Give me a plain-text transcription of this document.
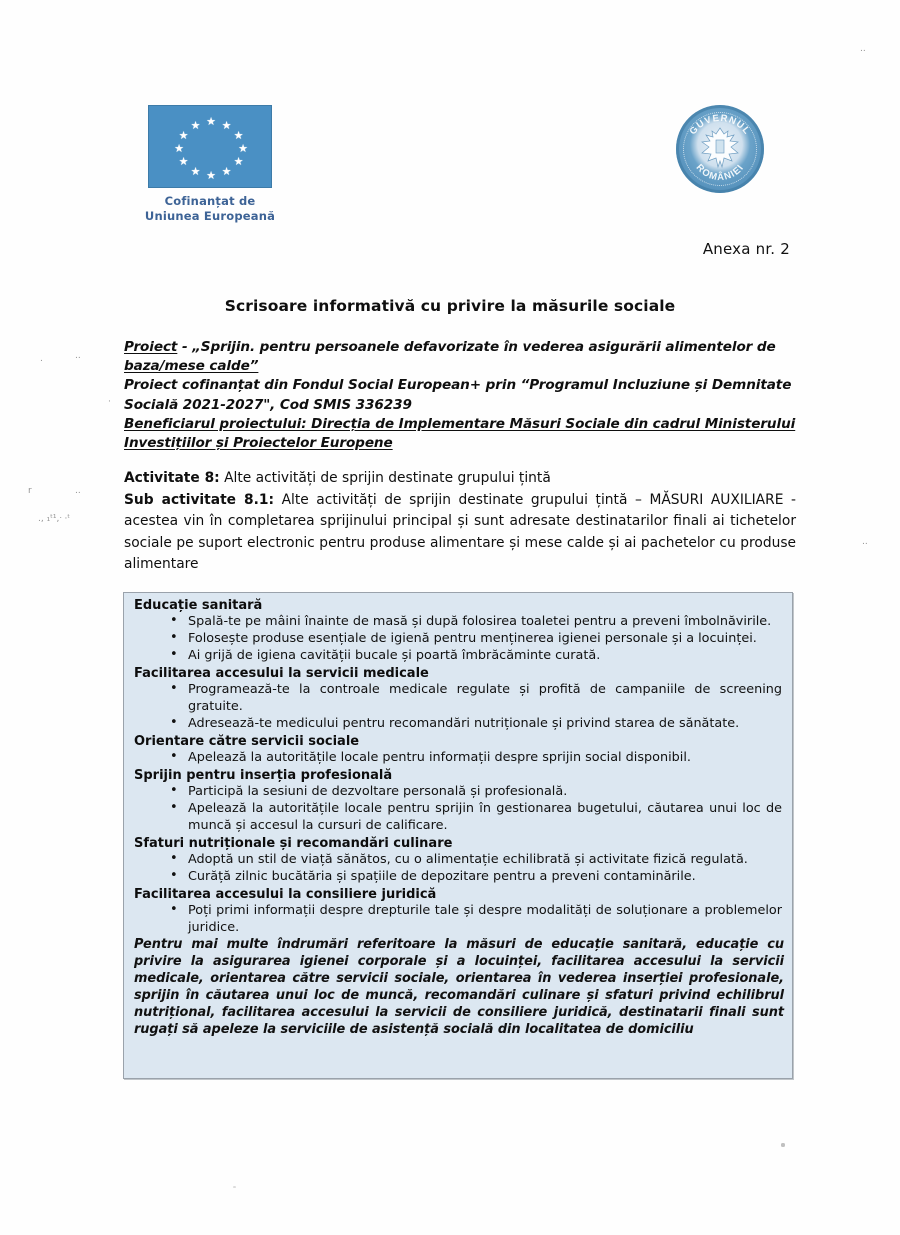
★
★
★
★
★
★ ★ ★
★
★
★
★
Cofinanțat de
Uniunea Europeană
GUVERNUL
ROMÂNIEI
Anexa nr. 2
Scrisoare informativă cu privire la măsurile sociale
Proiect - „Sprijin. pentru persoanele defavorizate în vederea asigurării alimentelor de
baza/mese calde”
Proiect cofinanțat din Fondul Social European+ prin “Programul Incluziune și Demnitate
Socială 2021-2027", Cod SMIS 336239
Beneficiarul proiectului: Direcția de Implementare Măsuri Sociale din cadrul Ministerului
Investițiilor și Proiectelor Europene
Activitate 8: Alte activități de sprijin destinate grupului țintă
Sub activitate 8.1: Alte activități de sprijin destinate grupului țintă – MĂSURI AUXILIARE - acestea vin în completarea sprijinului principal și sunt adresate destinatarilor finali ai tichetelor sociale pe suport electronic pentru produse alimentare și mese calde și ai pachetelor cu produse alimentare
Educație sanitară
• Spală-te pe mâini înainte de masă și după folosirea toaletei pentru a preveni îmbolnăvirile.
• Folosește produse esențiale de igienă pentru menținerea igienei personale și a locuinței.
• Ai grijă de igiena cavității bucale și poartă îmbrăcăminte curată.
Facilitarea accesului la servicii medicale
• Programează-te la controale medicale regulate și profită de campaniile de screening gratuite.
• Adresează-te medicului pentru recomandări nutriționale și privind starea de sănătate.
Orientare către servicii sociale
• Apelează la autoritățile locale pentru informații despre sprijin social disponibil.
Sprijin pentru inserția profesională
• Participă la sesiuni de dezvoltare personală și profesională.
• Apelează la autoritățile locale pentru sprijin în gestionarea bugetului, căutarea unui loc de muncă și accesul la cursuri de calificare.
Sfaturi nutriționale și recomandări culinare
• Adoptă un stil de viață sănătos, cu o alimentație echilibrată și activitate fizică regulată.
• Curăță zilnic bucătăria și spațiile de depozitare pentru a preveni contaminările.
Facilitarea accesului la consiliere juridică
• Poți primi informații despre drepturile tale și despre modalități de soluționare a problemelor juridice.
Pentru mai multe îndrumări referitoare la măsuri de educație sanitară, educație cu privire la asigurarea igienei corporale și a locuinței, facilitarea accesului la servicii medicale, orientarea către servicii sociale, orientarea în vederea inserției profesionale, sprijin în căutarea unui loc de muncă, recomandări culinare și sfaturi privind echilibrul nutrițional, facilitarea accesului la servicii de consiliere juridică, destinatarii finali sunt rugați să apeleze la serviciile de asistență socială din localitatea de domiciliu
..
r	..
., ₁ᵗ¹,ᐧ ·ᵗ
.	..
·
..
